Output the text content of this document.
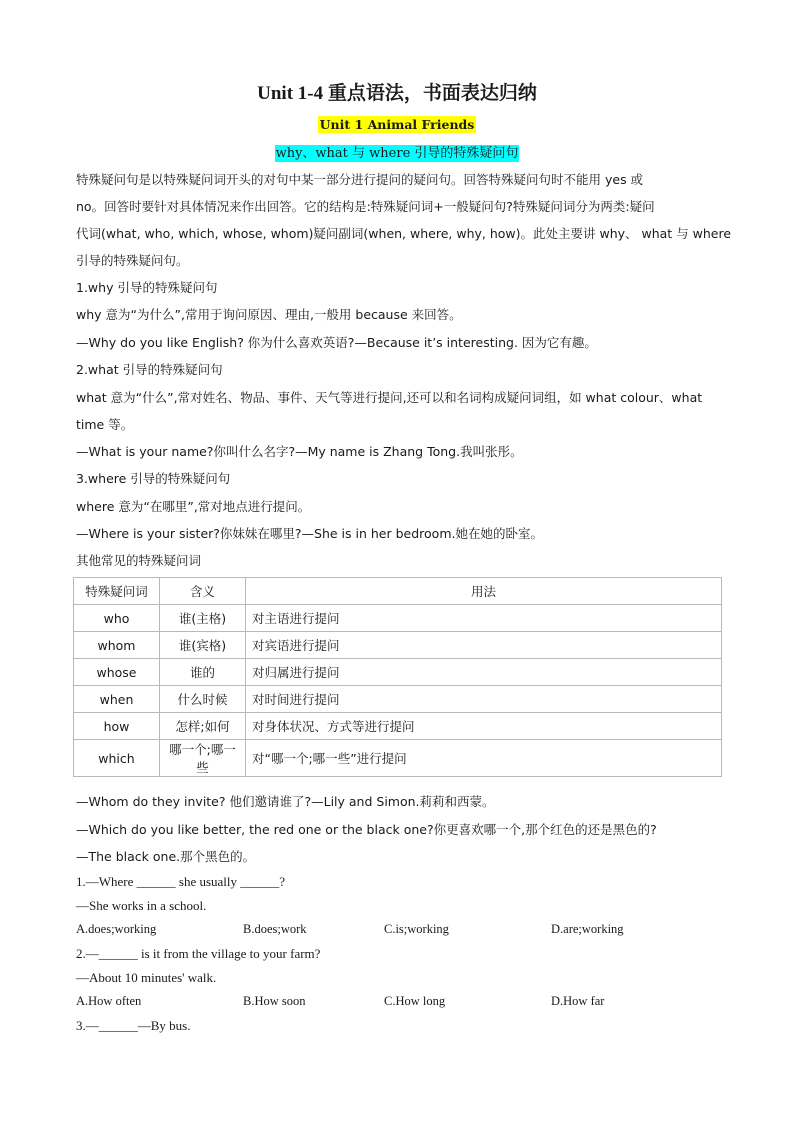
Unit 1-4 重点语法，书面表达归纳
Unit 1 Animal Friends
why、what 与 where 引导的特殊疑问句
特殊疑问句是以特殊疑问词开头的对句中某一部分进行提问的疑问句。回答特殊疑问句时不能用 yes 或
no。回答时要针对具体情况来作出回答。它的结构是:特殊疑问词+一般疑问句?特殊疑问词分为两类:疑问
代词(what, who, which, whose, whom)疑问副词(when, where, why, how)。此处主要讲 why、 what 与 where
引导的特殊疑问句。
1.why 引导的特殊疑问句
why 意为“为什么”,常用于询问原因、理由,一般用 because 来回答。
—Why do you like English? 你为什么喜欢英语?—Because it’s interesting. 因为它有趣。
2.what 引导的特殊疑问句
what 意为“什么”,常对姓名、物品、事件、天气等进行提问,还可以和名词构成疑问词组，如 what colour、what
time 等。
—What is your name?你叫什么名字?—My name is Zhang Tong.我叫张彤。
3.where 引导的特殊疑问句
where 意为“在哪里”,常对地点进行提问。
—Where is your sister?你妹妹在哪里?—She is in her bedroom.她在她的卧室。
其他常见的特殊疑问词
特殊疑问词	含义	用法
who	谁(主格)	对主语进行提问
whom	谁(宾格)	对宾语进行提问
whose	谁的	对归属进行提问
when	什么时候	对时间进行提问
how	怎样;如何	对身体状况、方式等进行提问
which	哪一个;哪一些	对“哪一个;哪一些”进行提问
—Whom do they invite? 他们邀请谁了?—Lily and Simon.莉莉和西蒙。
—Which do you like better, the red one or the black one?你更喜欢哪一个,那个红色的还是黑色的?
—The black one.那个黑色的。
1.—Where ______ she usually ______?
—She works in a school.
A.does;working	B.does;work	C.is;working	D.are;working
2.—______ is it from the village to your farm?
—About 10 minutes' walk.
A.How often	B.How soon	C.How long	D.How far
3.—______—By bus.
